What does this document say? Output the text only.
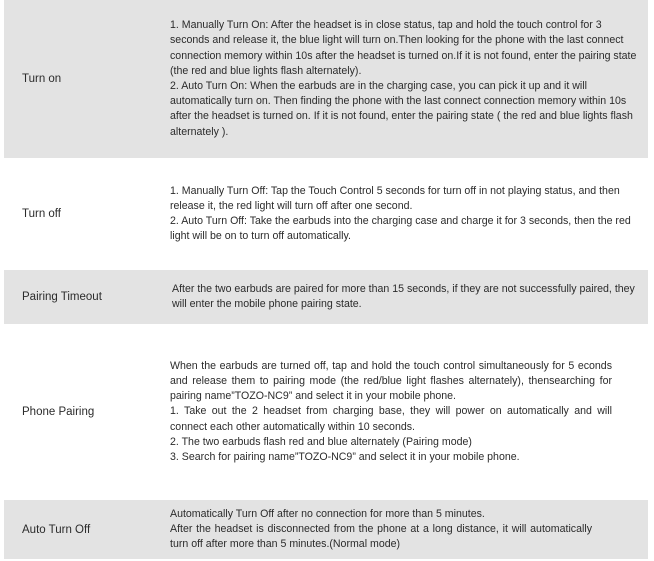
Turn on

1. Manually Turn On: After the headset is in close status, tap and hold the touch control for 3 seconds and release it, the blue light will turn on.Then looking for the phone with the last connect connection memory within 10s after the headset is turned on.If it is not found, enter the pairing state (the red and blue lights flash alternately).

2. Auto Turn On: When the earbuds are in the charging case, you can pick it up and it will automatically turn on. Then finding the phone with the last connect connection memory within 10s after the headset is turned on. If it is not found, enter the pairing state ( the red and blue lights flash alternately ).

Turn off

1. Manually Turn Off: Tap the Touch Control 5 seconds for turn off in not playing status, and then release it, the red light will turn off after one second.

2. Auto Turn Off: Take the earbuds into the charging case and charge it for 3 seconds, then the red light will be on to turn off automatically.

Pairing Timeout

After the two earbuds are paired for more than 15 seconds, if they are not successfully paired, they will enter the mobile phone pairing state.

Phone Pairing

When the earbuds are turned off, tap and hold the touch control simultaneously for 5 econds and release them to pairing mode (the red/blue light flashes alternately), thensearching for pairing name”TOZO-NC9” and select it in your mobile phone.

1. Take out the 2 headset from charging base, they will power on automatically and will connect each other automatically within 10 seconds.

2. The two earbuds flash red and blue alternately (Pairing mode)

3. Search for pairing name”TOZO-NC9” and select it in your mobile phone.

Auto Turn Off

Automatically Turn Off after no connection for more than 5 minutes.

After the headset is disconnected from the phone at a long distance, it will automatically turn off after more than 5 minutes.(Normal mode)
